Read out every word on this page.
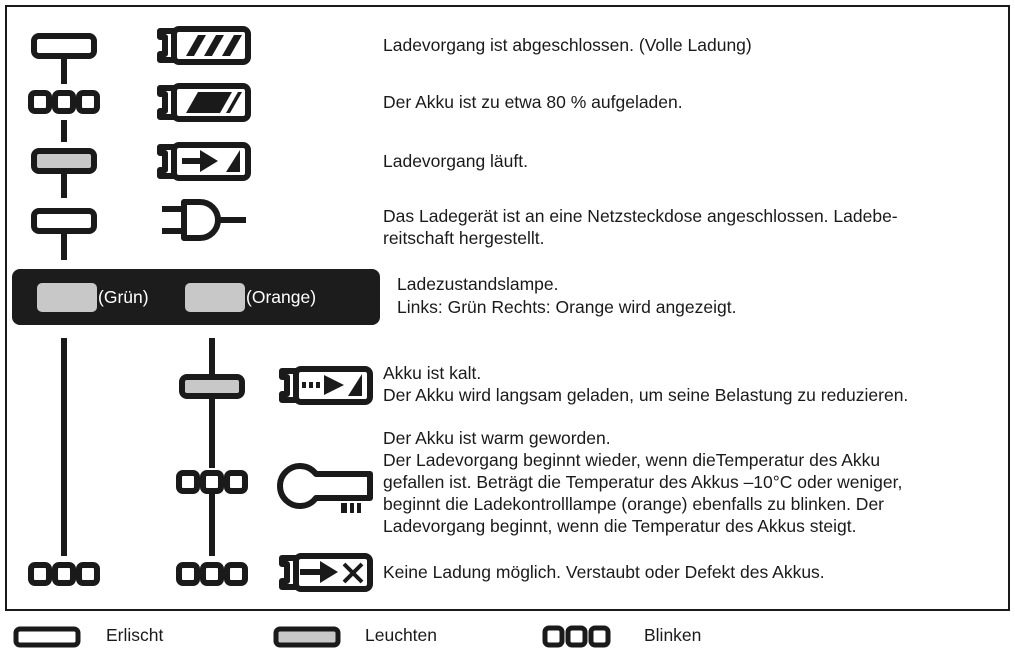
Ladevorgang ist abgeschlossen. (Volle Ladung)
Der Akku ist zu etwa 80 % aufgeladen.
Ladevorgang läuft.
Das Ladegerät ist an eine Netzsteckdose angeschlossen. Ladebe-
reitschaft hergestellt.
(Grün)	(Orange)
Ladezustandslampe.
Links: Grün Rechts: Orange wird angezeigt.
Akku ist kalt.
Der Akku wird langsam geladen, um seine Belastung zu reduzieren.
Der Akku ist warm geworden.
Der Ladevorgang beginnt wieder, wenn dieTemperatur des Akku
gefallen ist. Beträgt die Temperatur des Akkus –10°C oder weniger,
beginnt die Ladekontrolllampe (orange) ebenfalls zu blinken. Der
Ladevorgang beginnt, wenn die Temperatur des Akkus steigt.
Keine Ladung möglich. Verstaubt oder Defekt des Akkus.
Erlischt	Leuchten	Blinken
